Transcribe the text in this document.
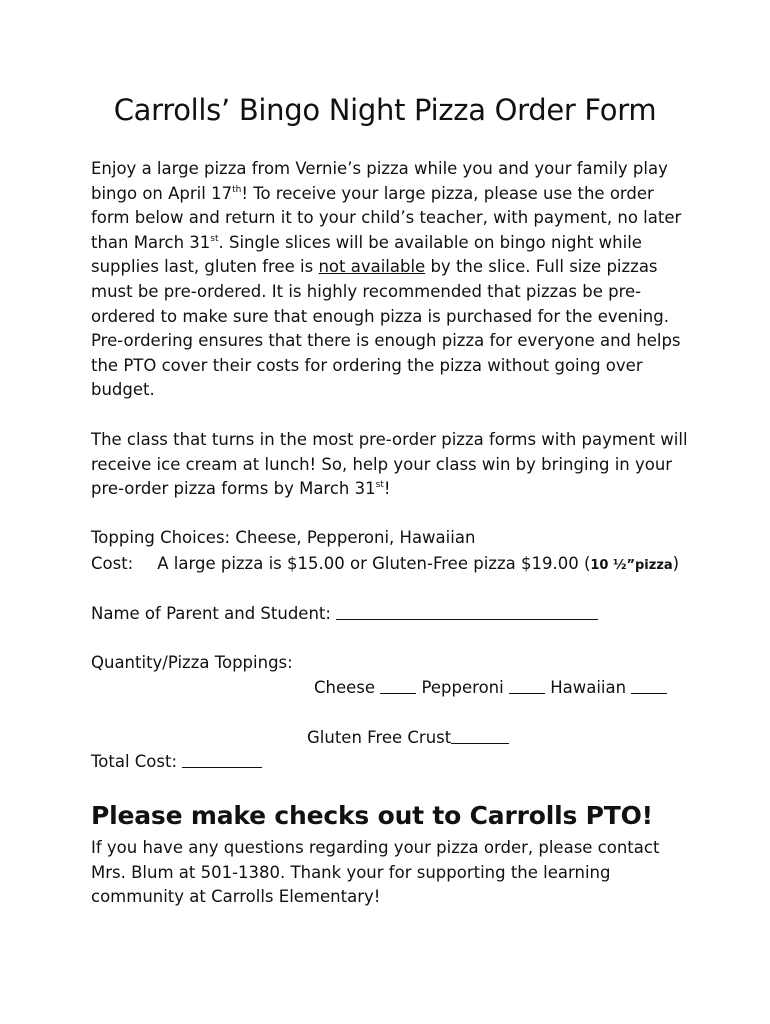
Carrolls’ Bingo Night Pizza Order Form
Enjoy a large pizza from Vernie’s pizza while you and your family play bingo on April 17th! To receive your large pizza, please use the order form below and return it to your child’s teacher, with payment, no later than March 31st. Single slices will be available on bingo night while supplies last, gluten free is not available by the slice. Full size pizzas must be pre-ordered. It is highly recommended that pizzas be pre-ordered to make sure that enough pizza is purchased for the evening. Pre-ordering ensures that there is enough pizza for everyone and helps the PTO cover their costs for ordering the pizza without going over budget.
The class that turns in the most pre-order pizza forms with payment will receive ice cream at lunch! So, help your class win by bringing in your pre-order pizza forms by March 31st!
Topping Choices: Cheese, Pepperoni, Hawaiian
Cost: A large pizza is $15.00 or Gluten-Free pizza $19.00 (10 ½”pizza)
Name of Parent and Student:
Quantity/Pizza Toppings:
Cheese	Pepperoni	Hawaiian
Gluten Free Crust
Total Cost:
Please make checks out to Carrolls PTO!
If you have any questions regarding your pizza order, please contact Mrs. Blum at 501-1380. Thank your for supporting the learning community at Carrolls Elementary!
